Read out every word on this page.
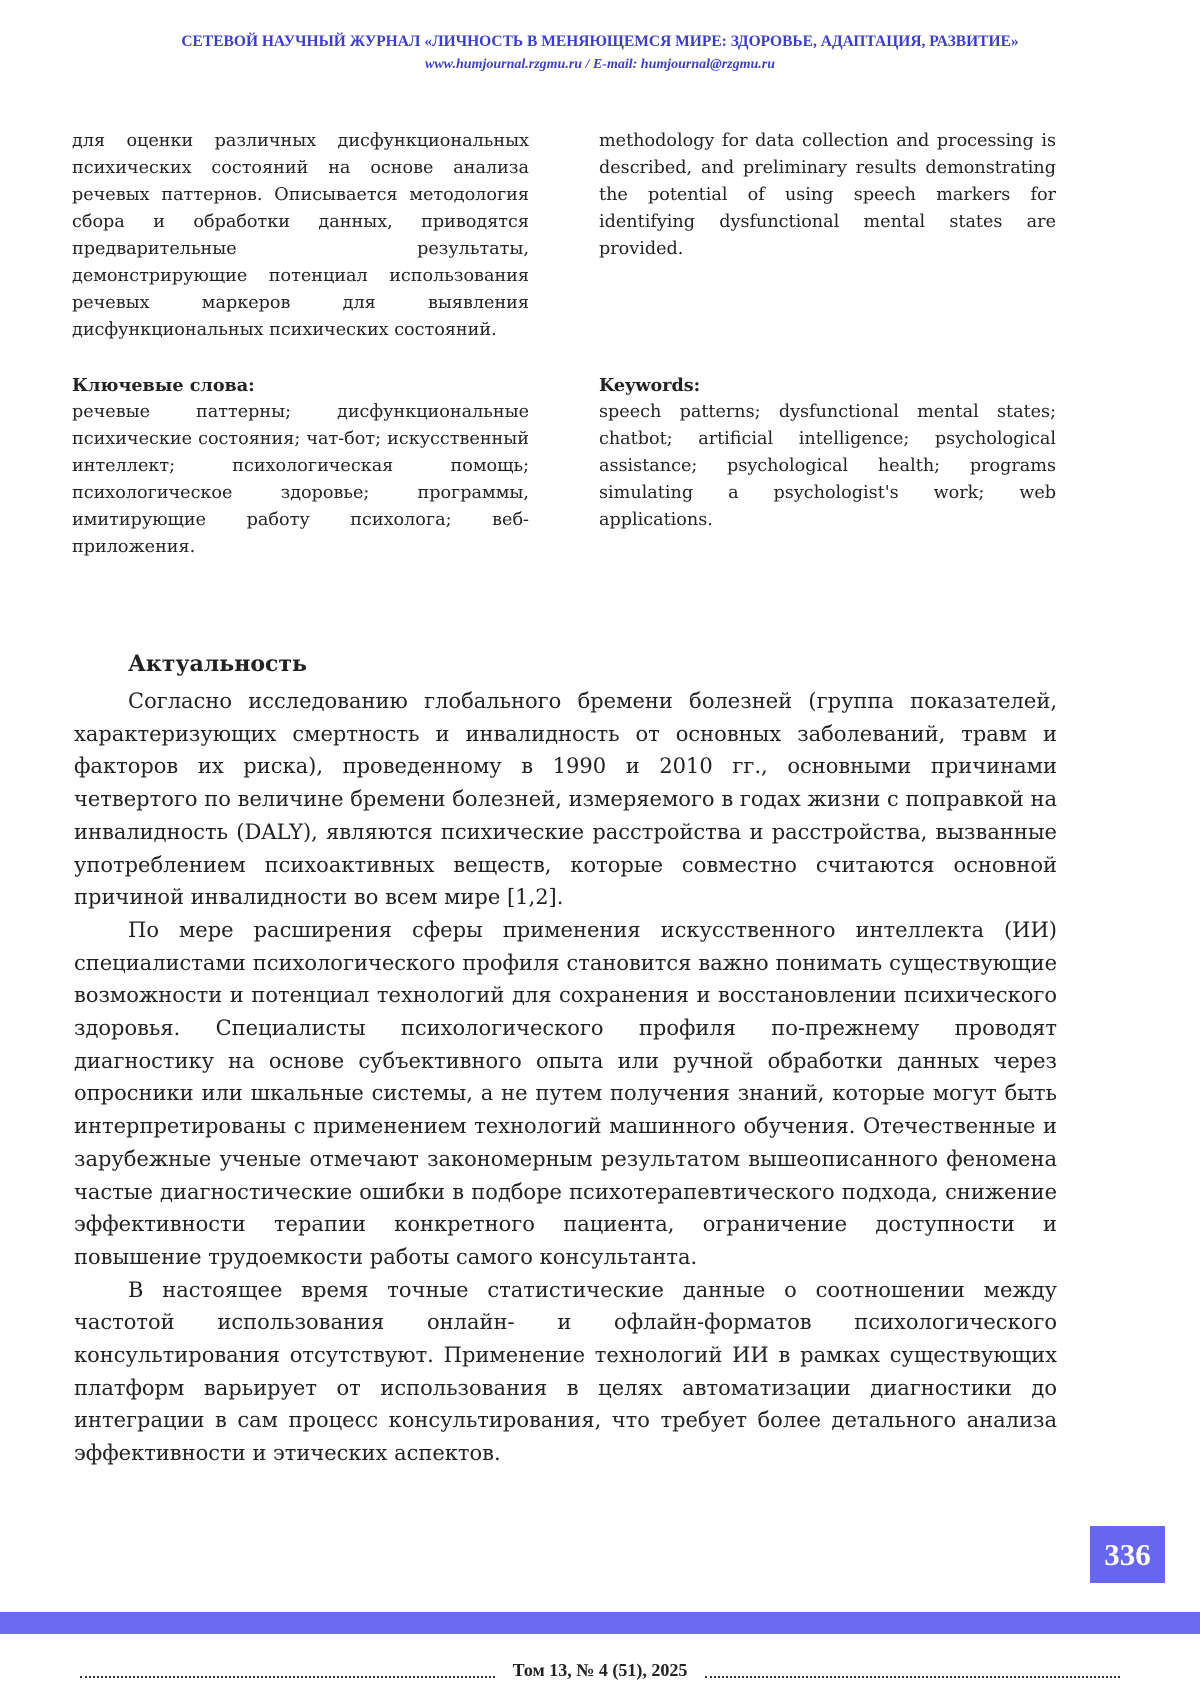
СЕТЕВОЙ НАУЧНЫЙ ЖУРНАЛ «ЛИЧНОСТЬ В МЕНЯЮЩЕМСЯ МИРЕ: ЗДОРОВЬЕ, АДАПТАЦИЯ, РАЗВИТИЕ»
www.humjournal.rzgmu.ru / E-mail: humjournal@rzgmu.ru

для оценки различных дисфункциональных психических состояний на основе анализа речевых паттернов. Описывается методология сбора и обработки данных, приводятся предварительные результаты, демонстрирующие потенциал использования речевых маркеров для выявления дисфункциональных психических состояний.

methodology for data collection and processing is described, and preliminary results demonstrating the potential of using speech markers for identifying dysfunctional mental states are provided.

Ключевые слова:

речевые паттерны; дисфункциональные психические состояния; чат-бот; искусственный интеллект; психологическая помощь; психологическое здоровье; программы, имитирующие работу психолога; веб-приложения.

Keywords:

speech patterns; dysfunctional mental states; chatbot; artificial intelligence; psychological assistance; psychological health; programs simulating a psychologist's work; web applications.

Актуальность

Согласно исследованию глобального бремени болезней (группа показателей, характеризующих смертность и инвалидность от основных заболеваний, травм и факторов их риска), проведенному в 1990 и 2010 гг., основными причинами четвертого по величине бремени болезней, измеряемого в годах жизни с поправкой на инвалидность (DALY), являются психические расстройства и расстройства, вызванные употреблением психоактивных веществ, которые совместно считаются основной причиной инвалидности во всем мире [1,2].

По мере расширения сферы применения искусственного интеллекта (ИИ) специалистами психологического профиля становится важно понимать существующие возможности и потенциал технологий для сохранения и восстановлении психического здоровья. Специалисты психологического профиля по-прежнему проводят диагностику на основе субъективного опыта или ручной обработки данных через опросники или шкальные системы, а не путем получения знаний, которые могут быть интерпретированы с применением технологий машинного обучения. Отечественные и зарубежные ученые отмечают закономерным результатом вышеописанного феномена частые диагностические ошибки в подборе психотерапевтического подхода, снижение эффективности терапии конкретного пациента, ограничение доступности и повышение трудоемкости работы самого консультанта.

В настоящее время точные статистические данные о соотношении между частотой использования онлайн- и офлайн-форматов психологического консультирования отсутствуют. Применение технологий ИИ в рамках существующих платформ варьирует от использования в целях автоматизации диагностики до интеграции в сам процесс консультирования, что требует более детального анализа эффективности и этических аспектов.

336
Том 13, № 4 (51), 2025
